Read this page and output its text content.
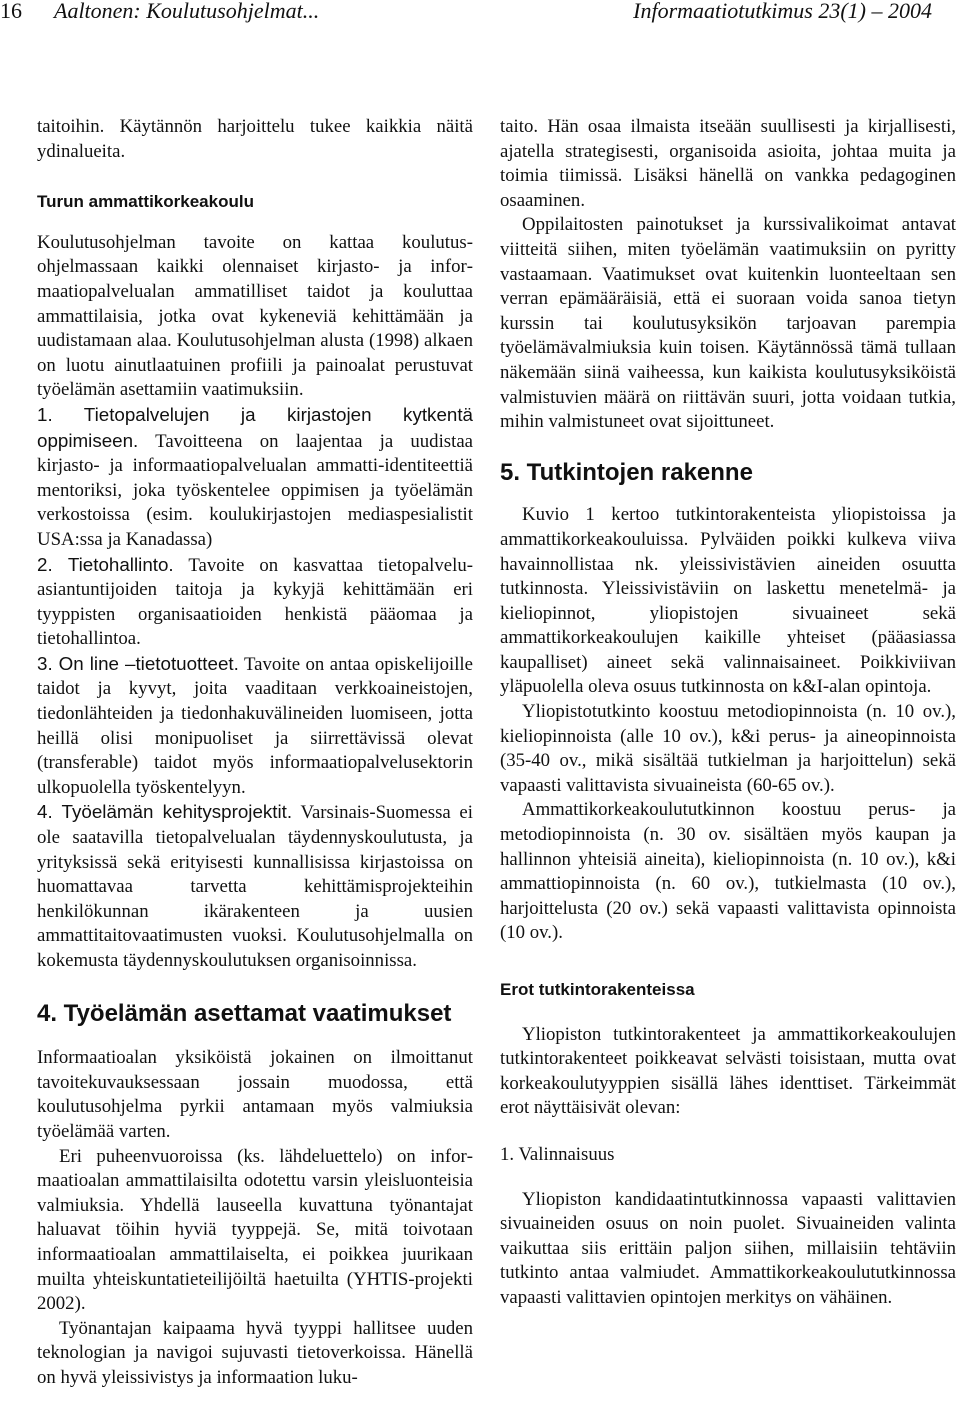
16 Aaltonen: Koulutusohjelmat...	Informaatiotutkimus 23(1) – 2004

taitoihin. Käytännön harjoittelu tukee kaikkia näitä ydinalueita.

Turun ammattikorkeakoulu

Koulutusohjelman tavoite on kattaa koulutusohjelmassaan kaikki olennaiset kirjasto- ja informaatiopalvelualan ammatilliset taidot ja kouluttaa ammattilaisia, jotka ovat kykeneviä kehittämään ja uudistamaan alaa. Koulutusohjelman alusta (1998) alkaen on luotu ainutlaatuinen profiili ja painoalat perustuvat työelämän asettamiin vaatimuksiin.

1. Tietopalvelujen ja kirjastojen kytkentä oppimiseen. Tavoitteena on laajentaa ja uudistaa kirjasto- ja informaatiopalvelualan ammatti-identiteettiä mentoriksi, joka työskentelee oppimisen ja työelämän verkostoissa (esim. koulukirjastojen mediaspesialistit USA:ssa ja Kanadassa)

2. Tietohallinto. Tavoite on kasvattaa tietopalveluasiantuntijoiden taitoja ja kykyjä kehittämään eri tyyppisten organisaatioiden henkistä pääomaa ja tietohallintoa.

3. On line –tietotuotteet. Tavoite on antaa opiskelijoille taidot ja kyvyt, joita vaaditaan verkkoaineistojen, tiedonlähteiden ja tiedonhakuvälineiden luomiseen, jotta heillä olisi monipuoliset ja siirrettävissä olevat (transferable) taidot myös informaatiopalvelusektorin ulkopuolella työskentelyyn.

4. Työelämän kehitysprojektit. Varsinais-Suomessa ei ole saatavilla tietopalvelualan täydennyskoulutusta, ja yrityksissä sekä erityisesti kunnallisissa kirjastoissa on huomattavaa tarvetta kehittämisprojekteihin henkilökunnan ikärakenteen ja uusien ammattitaitovaatimusten vuoksi. Koulutusohjelmalla on kokemusta täydennyskoulutuksen organisoinnissa.

4. Työelämän asettamat vaatimukset

Informaatioalan yksiköistä jokainen on ilmoittanut tavoitekuvauksessaan jossain muodossa, että koulutusohjelma pyrkii antamaan myös valmiuksia työelämää varten.

Eri puheenvuoroissa (ks. lähdeluettelo) on informaatioalan ammattilaisilta odotettu varsin yleisluonteisia valmiuksia. Yhdellä lauseella kuvattuna työnantajat haluavat töihin hyviä tyyppejä. Se, mitä toivotaan informaatioalan ammattilaiselta, ei poikkea juurikaan muilta yhteiskuntatieteilijöiltä haetuilta (YHTIS-projekti 2002).

Työnantajan kaipaama hyvä tyyppi hallitsee uuden teknologian ja navigoi sujuvasti tietoverkoissa. Hänellä on hyvä yleissivistys ja informaation luku-

taito. Hän osaa ilmaista itseään suullisesti ja kirjallisesti, ajatella strategisesti, organisoida asioita, johtaa muita ja toimia tiimissä. Lisäksi hänellä on vankka pedagoginen osaaminen.

Oppilaitosten painotukset ja kurssivalikoimat antavat viitteitä siihen, miten työelämän vaatimuksiin on pyritty vastaamaan. Vaatimukset ovat kuitenkin luonteeltaan sen verran epämääräisiä, että ei suoraan voida sanoa tietyn kurssin tai koulutusyksikön tarjoavan parempia työelämävalmiuksia kuin toisen. Käytännössä tämä tullaan näkemään siinä vaiheessa, kun kaikista koulutusyksiköistä valmistuvien määrä on riittävän suuri, jotta voidaan tutkia, mihin valmistuneet ovat sijoittuneet.

5. Tutkintojen rakenne

Kuvio 1 kertoo tutkintorakenteista yliopistoissa ja ammattikorkeakouluissa. Pylväiden poikki kulkeva viiva havainnollistaa nk. yleissivistävien aineiden osuutta tutkinnosta. Yleissivistäviin on laskettu menetelmä- ja kieliopinnot, yliopistojen sivuaineet sekä ammattikorkeakoulujen kaikille yhteiset (pääasiassa kaupalliset) aineet sekä valinnaisaineet. Poikkiviivan yläpuolella oleva osuus tutkinnosta on k&I-alan opintoja.

Yliopistotutkinto koostuu metodiopinnoista (n. 10 ov.), kieliopinnoista (alle 10 ov.), k&i perus- ja aineopinnoista (35-40 ov., mikä sisältää tutkielman ja harjoittelun) sekä vapaasti valittavista sivuaineista (60-65 ov.).

Ammattikorkeakoulututkinnon koostuu perus- ja metodiopinnoista (n. 30 ov. sisältäen myös kaupan ja hallinnon yhteisiä aineita), kieliopinnoista (n. 10 ov.), k&i ammattiopinnoista (n. 60 ov.), tutkielmasta (10 ov.), harjoittelusta (20 ov.) sekä vapaasti valittavista opinnoista (10 ov.).

Erot tutkintorakenteissa

Yliopiston tutkintorakenteet ja ammattikorkeakoulujen tutkintorakenteet poikkeavat selvästi toisistaan, mutta ovat korkeakoulutyyppien sisällä lähes identtiset. Tärkeimmät erot näyttäisivät olevan:

1. Valinnaisuus

Yliopiston kandidaatintutkinnossa vapaasti valittavien sivuaineiden osuus on noin puolet. Sivuaineiden valinta vaikuttaa siis erittäin paljon siihen, millaisiin tehtäviin tutkinto antaa valmiudet. Ammattikorkeakoulututkinnossa vapaasti valittavien opintojen merkitys on vähäinen.
